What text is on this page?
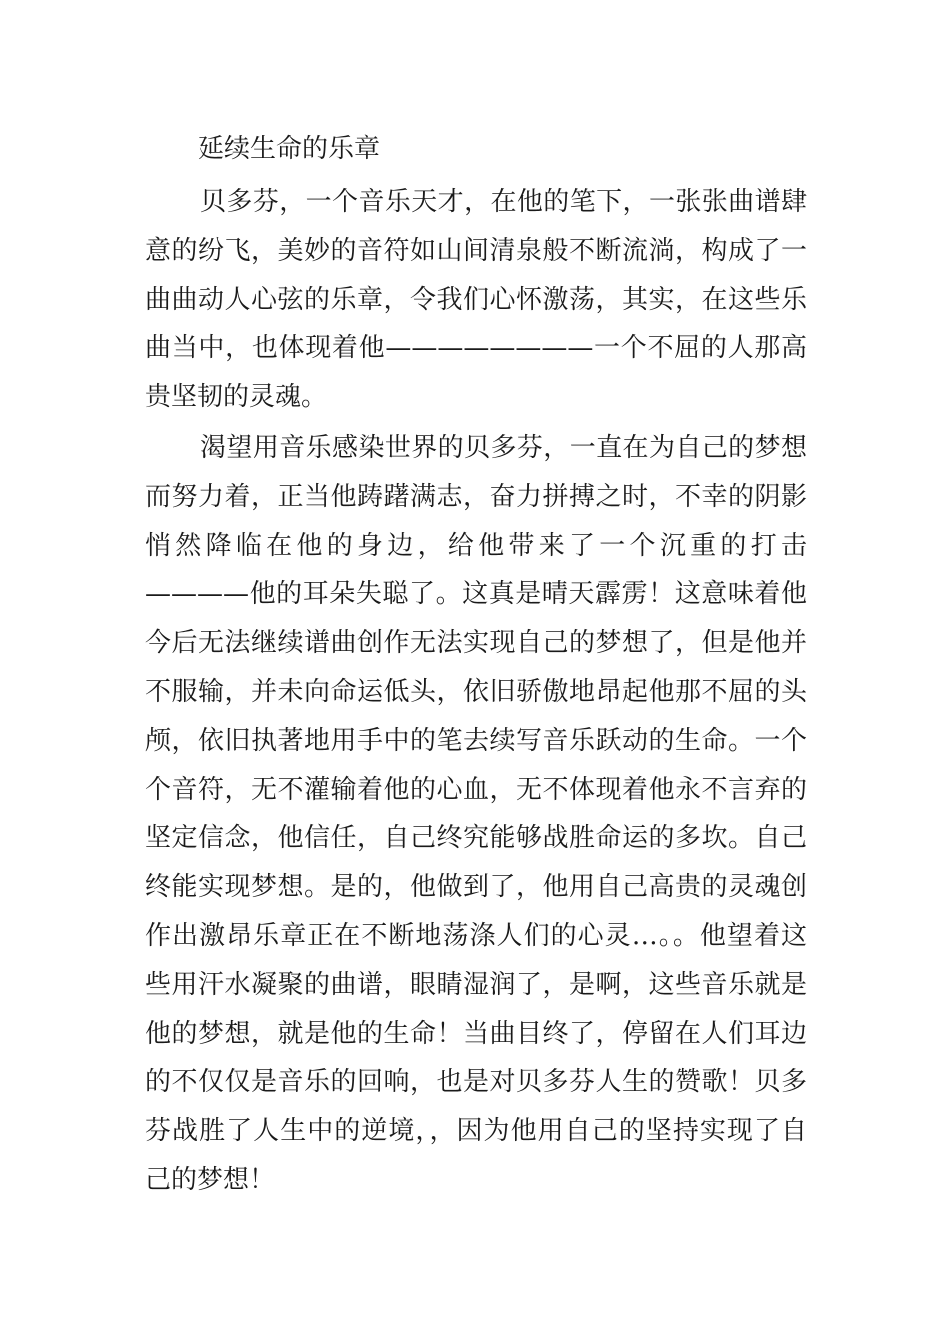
延续生命的乐章

贝多芬，一个音乐天才，在他的笔下，一张张曲谱肆意的纷飞，美妙的音符如山间清泉般不断流淌，构成了一曲曲动人心弦的乐章，令我们心怀激荡，其实，在这些乐曲当中，也体现着他————————一个不屈的人那高贵坚韧的灵魂。

渴望用音乐感染世界的贝多芬，一直在为自己的梦想而努力着，正当他踌躇满志，奋力拼搏之时，不幸的阴影悄然降临在他的身边，给他带来了一个沉重的打击————他的耳朵失聪了。这真是晴天霹雳！这意味着他今后无法继续谱曲创作无法实现自己的梦想了，但是他并不服输，并未向命运低头，依旧骄傲地昂起他那不屈的头颅，依旧执著地用手中的笔去续写音乐跃动的生命。一个个音符，无不灌输着他的心血，无不体现着他永不言弃的坚定信念，他信任，自己终究能够战胜命运的多坎。自己终能实现梦想。是的，他做到了，他用自己高贵的灵魂创作出激昂乐章正在不断地荡涤人们的心灵…。。他望着这些用汗水凝聚的曲谱，眼睛湿润了，是啊，这些音乐就是他的梦想，就是他的生命！当曲目终了，停留在人们耳边的不仅仅是音乐的回响，也是对贝多芬人生的赞歌！贝多芬战胜了人生中的逆境，，因为他用自己的坚持实现了自己的梦想！
